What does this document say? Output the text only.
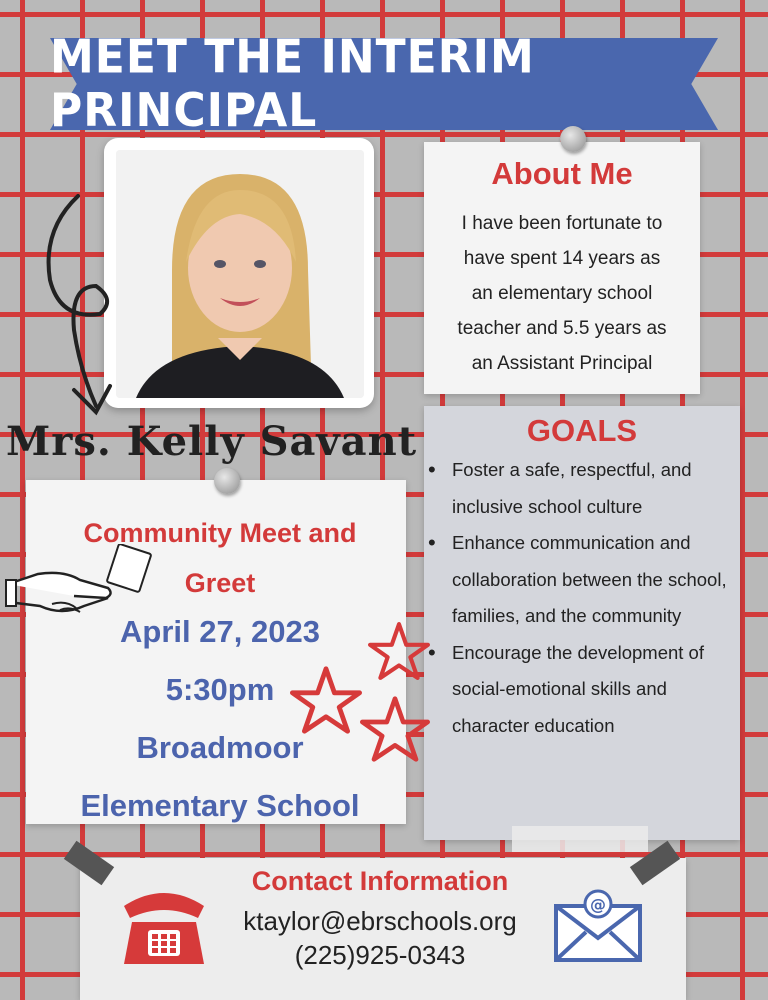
MEET THE INTERIM PRINCIPAL
Mrs. Kelly Savant
About Me
I have been fortunate to
have spent 14 years as
an elementary school
teacher and 5.5 years as
an Assistant Principal
GOALS
• Foster a safe, respectful, and inclusive school culture
• Enhance communication and collaboration between the school, families, and the community
• Encourage the development of social-emotional skills and character education
Community Meet and
Greet
April 27, 2023
5:30pm
Broadmoor
Elementary School
Contact Information
ktaylor@ebrschools.org
(225)925-0343
@
